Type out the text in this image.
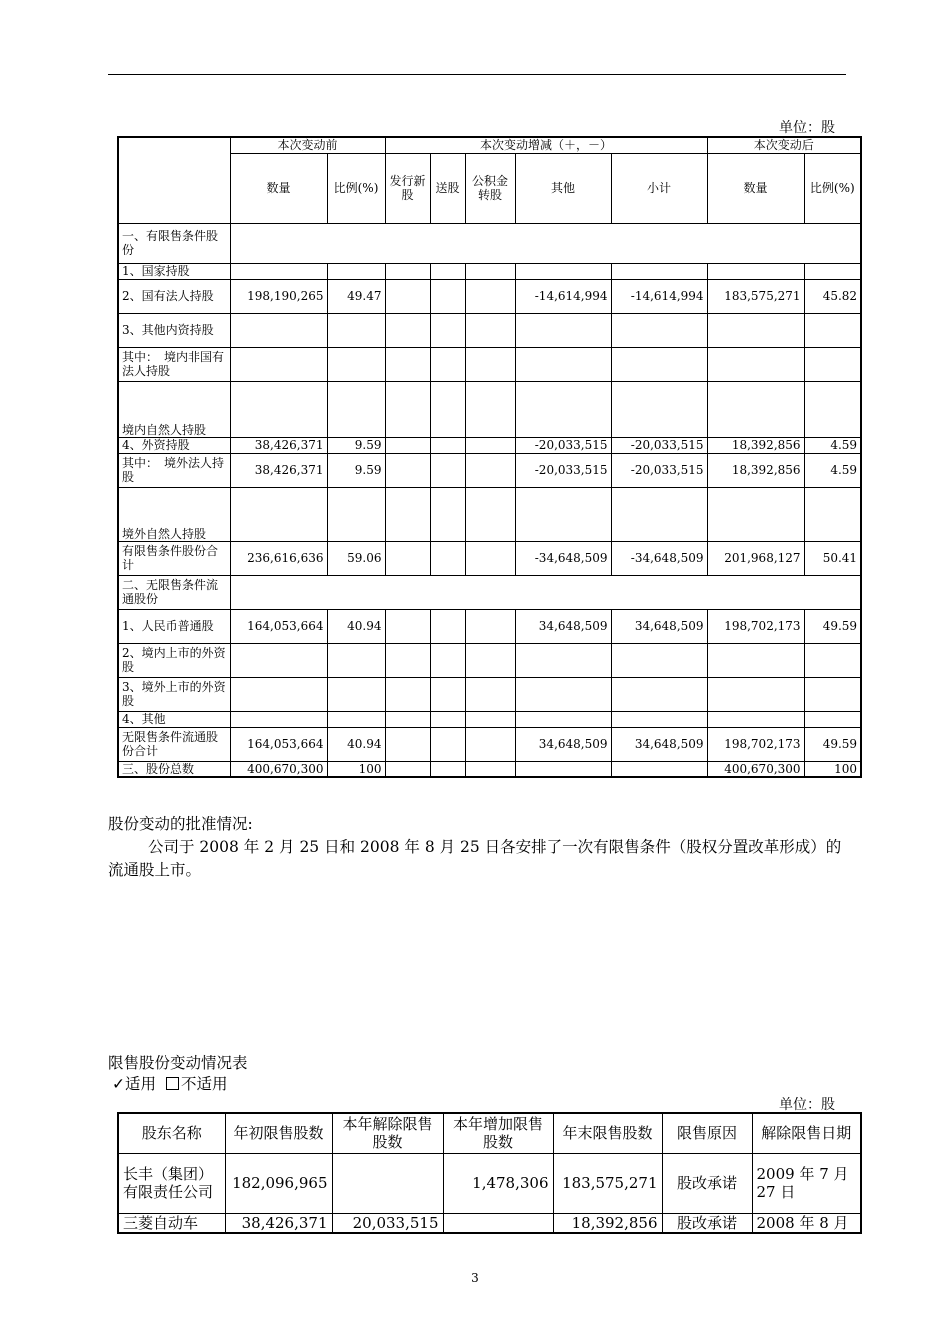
单位：股
	本次变动前		本次变动增减（＋，－）					本次变动后	
	数量	比例(%)	发行新股	送股	公积金转股	其他	小计	数量	比例(%)
一、有限售条件股份									
1、国家持股									
2、国有法人持股	198,190,265	49.47				-14,614,994	-14,614,994	183,575,271	45.82
3、其他内资持股									
其中：　境内非国有法人持股									
境内自然人持股									
4、外资持股	38,426,371	9.59				-20,033,515	-20,033,515	18,392,856	4.59
其中：　境外法人持股	38,426,371	9.59				-20,033,515	-20,033,515	18,392,856	4.59
境外自然人持股									
有限售条件股份合计	236,616,636	59.06				-34,648,509	-34,648,509	201,968,127	50.41
二、无限售条件流通股份									
1、人民币普通股	164,053,664	40.94				34,648,509	34,648,509	198,702,173	49.59
2、境内上市的外资股									
3、境外上市的外资股									
4、其他									
无限售条件流通股份合计	164,053,664	40.94				34,648,509	34,648,509	198,702,173	49.59
三、股份总数	400,670,300	100						400,670,300	100
股份变动的批准情况:
公司于 2008 年 2 月 25 日和 2008 年 8 月 25 日各安排了一次有限售条件（股权分置改革形成）的流通股上市。
限售股份变动情况表
✓适用 不适用
单位：股
股东名称	年初限售股数	本年解除限售股数	本年增加限售股数	年末限售股数	限售原因	解除限售日期
长丰（集团）有限责任公司	182,096,965		1,478,306	183,575,271	股改承诺	2009 年 7 月 27 日
三菱自动车	38,426,371	20,033,515		18,392,856	股改承诺	2008 年 8 月
3
